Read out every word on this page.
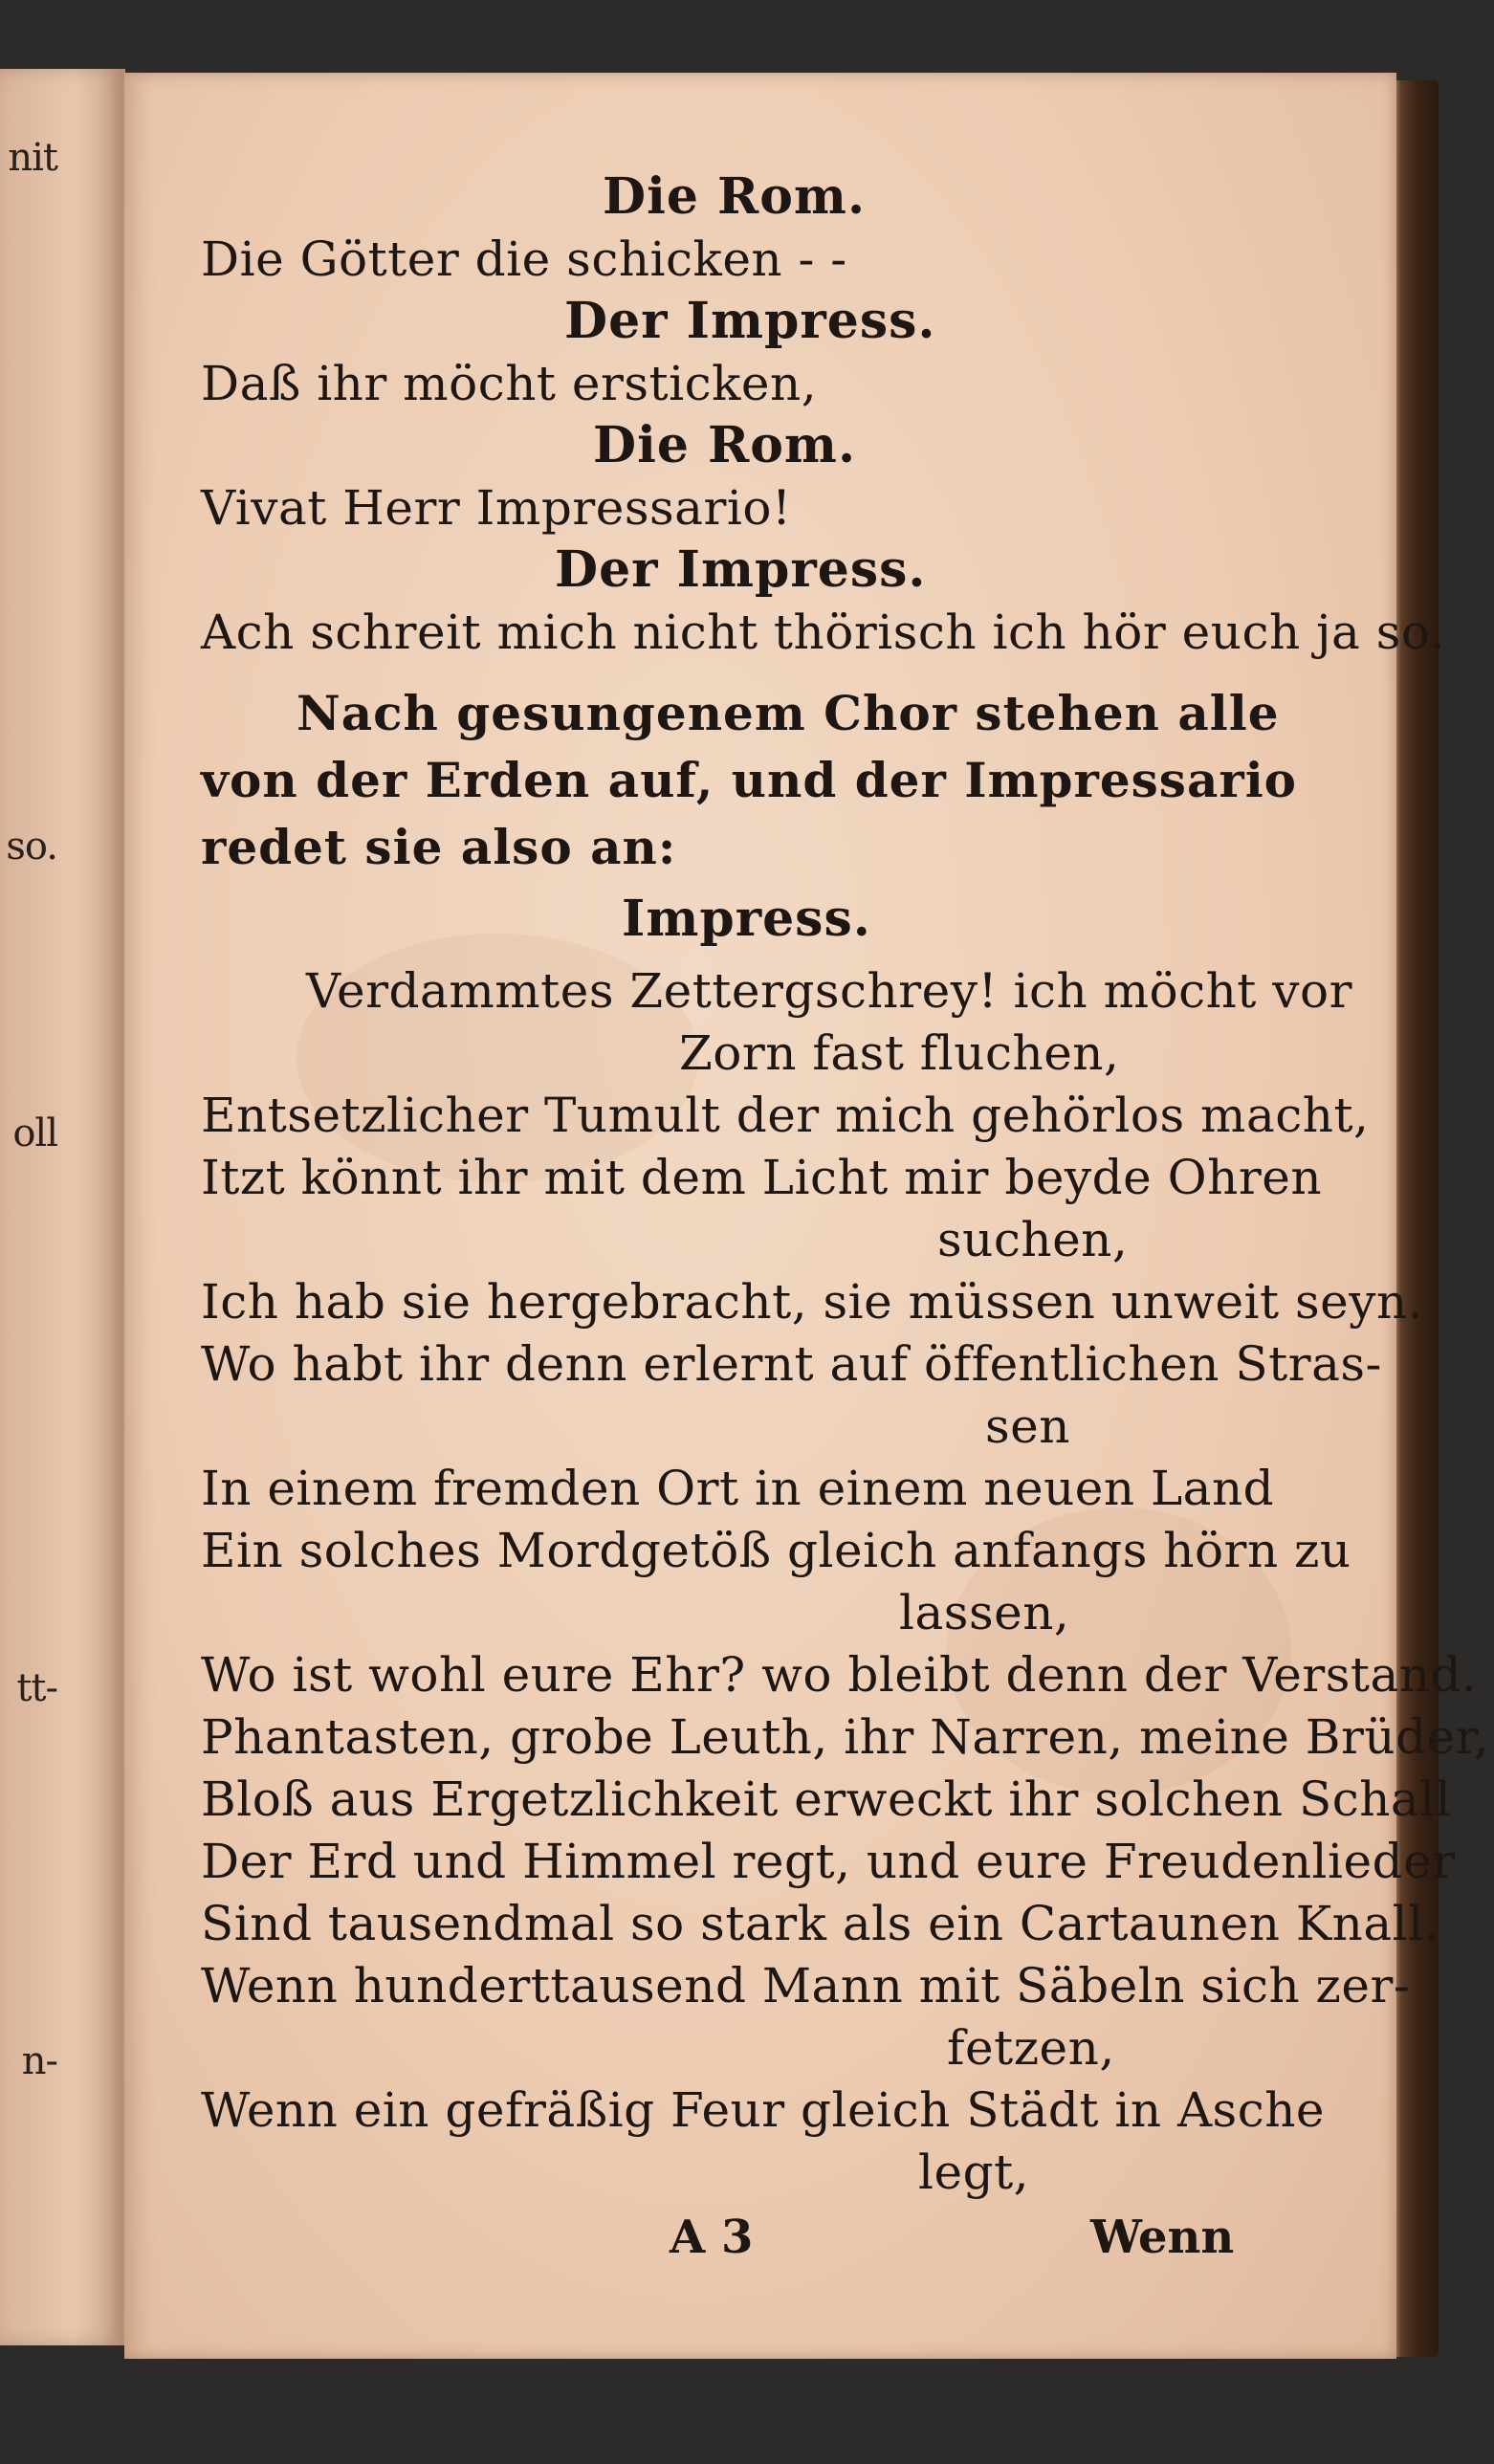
nit
so.
oll
tt-
n-
Die Rom.
Die Götter die schicken - -
Der Impress.
Daß ihr möcht ersticken,
Die Rom.
Vivat Herr Impressario!
Der Impress.
Ach schreit mich nicht thörisch ich hör euch ja so.
Nach gesungenem Chor stehen alle
von der Erden auf, und der Impressario
redet sie also an:
Impress.
Verdammtes Zettergschrey! ich möcht vor
Zorn fast fluchen,
Entsetzlicher Tumult der mich gehörlos macht,
Itzt könnt ihr mit dem Licht mir beyde Ohren
suchen,
Ich hab sie hergebracht, sie müssen unweit seyn.
Wo habt ihr denn erlernt auf öffentlichen Stras-
sen
In einem fremden Ort in einem neuen Land
Ein solches Mordgetöß gleich anfangs hörn zu
lassen,
Wo ist wohl eure Ehr? wo bleibt denn der Verstand.
Phantasten, grobe Leuth, ihr Narren, meine Brüder,
Bloß aus Ergetzlichkeit erweckt ihr solchen Schall
Der Erd und Himmel regt, und eure Freudenlieder
Sind tausendmal so stark als ein Cartaunen Knall.
Wenn hunderttausend Mann mit Säbeln sich zer-
fetzen,
Wenn ein gefräßig Feur gleich Städt in Asche
legt,
A 3	Wenn
